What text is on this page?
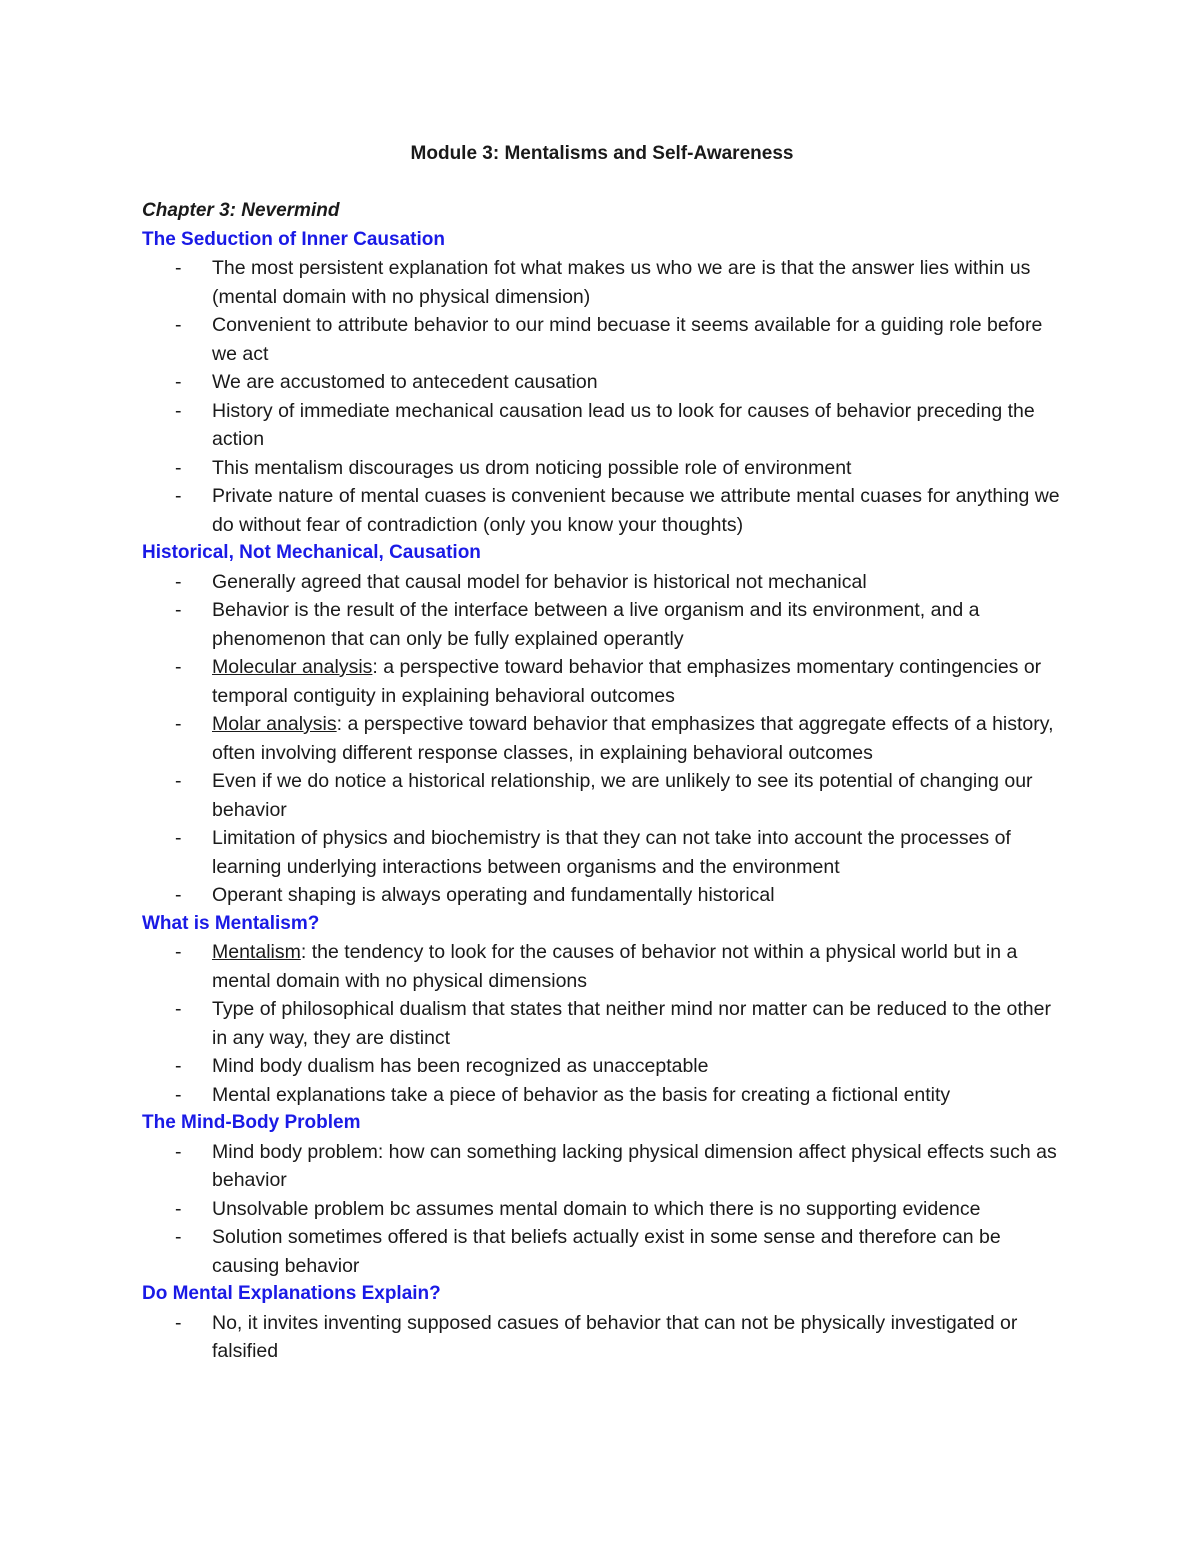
Module 3: Mentalisms and Self-Awareness

Chapter 3: Nevermind

The Seduction of Inner Causation
- The most persistent explanation fot what makes us who we are is that the answer lies within us (mental domain with no physical dimension)
- Convenient to attribute behavior to our mind becuase it seems available for a guiding role before we act
- We are accustomed to antecedent causation
- History of immediate mechanical causation lead us to look for causes of behavior preceding the action
- This mentalism discourages us drom noticing possible role of environment
- Private nature of mental cuases is convenient because we attribute mental cuases for anything we do without fear of contradiction (only you know your thoughts)
Historical, Not Mechanical, Causation
- Generally agreed that causal model for behavior is historical not mechanical
- Behavior is the result of the interface between a live organism and its environment, and a phenomenon that can only be fully explained operantly
- Molecular analysis: a perspective toward behavior that emphasizes momentary contingencies or temporal contiguity in explaining behavioral outcomes
- Molar analysis: a perspective toward behavior that emphasizes that aggregate effects of a history, often involving different response classes, in explaining behavioral outcomes
- Even if we do notice a historical relationship, we are unlikely to see its potential of changing our behavior
- Limitation of physics and biochemistry is that they can not take into account the processes of learning underlying interactions between organisms and the environment
- Operant shaping is always operating and fundamentally historical
What is Mentalism?
- Mentalism: the tendency to look for the causes of behavior not within a physical world but in a mental domain with no physical dimensions
- Type of philosophical dualism that states that neither mind nor matter can be reduced to the other in any way, they are distinct
- Mind body dualism has been recognized as unacceptable
- Mental explanations take a piece of behavior as the basis for creating a fictional entity
The Mind-Body Problem
- Mind body problem: how can something lacking physical dimension affect physical effects such as behavior
- Unsolvable problem bc assumes mental domain to which there is no supporting evidence
- Solution sometimes offered is that beliefs actually exist in some sense and therefore can be causing behavior
Do Mental Explanations Explain?
- No, it invites inventing supposed casues of behavior that can not be physically investigated or falsified
